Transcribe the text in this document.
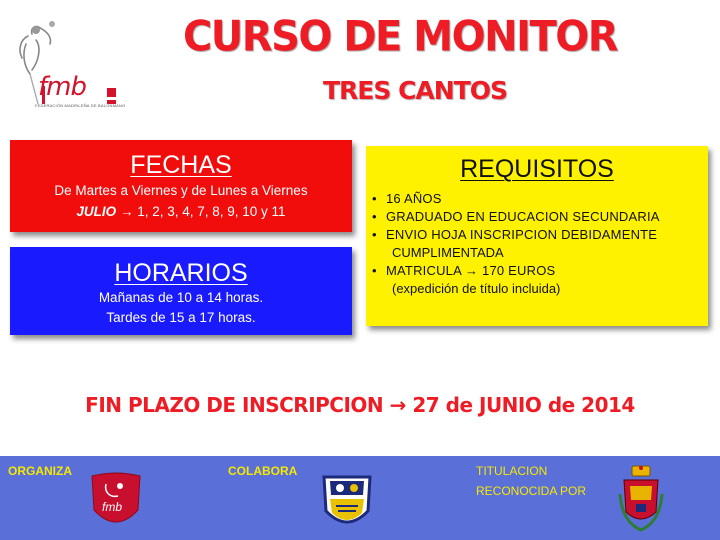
fmb
FEDERACIÓN MADRILEÑA DE BALONMANO
CURSO DE MONITOR
TRES CANTOS
FECHAS
De Martes a Viernes y de Lunes a Viernes
JULIO → 1, 2, 3, 4, 7, 8, 9, 10 y 11
HORARIOS
Mañanas de 10 a 14 horas.
Tardes de 15 a 17 horas.
REQUISITOS
• 16 AÑOS
• GRADUADO EN EDUCACION SECUNDARIA
• ENVIO HOJA INSCRIPCION DEBIDAMENTE
CUMPLIMENTADA
• MATRICULA → 170 EUROS
(expedición de título incluida)
FIN PLAZO DE INSCRIPCION → 27 de JUNIO de 2014
ORGANIZA	COLABORA	TITULACION
RECONOCIDA POR
fmb
